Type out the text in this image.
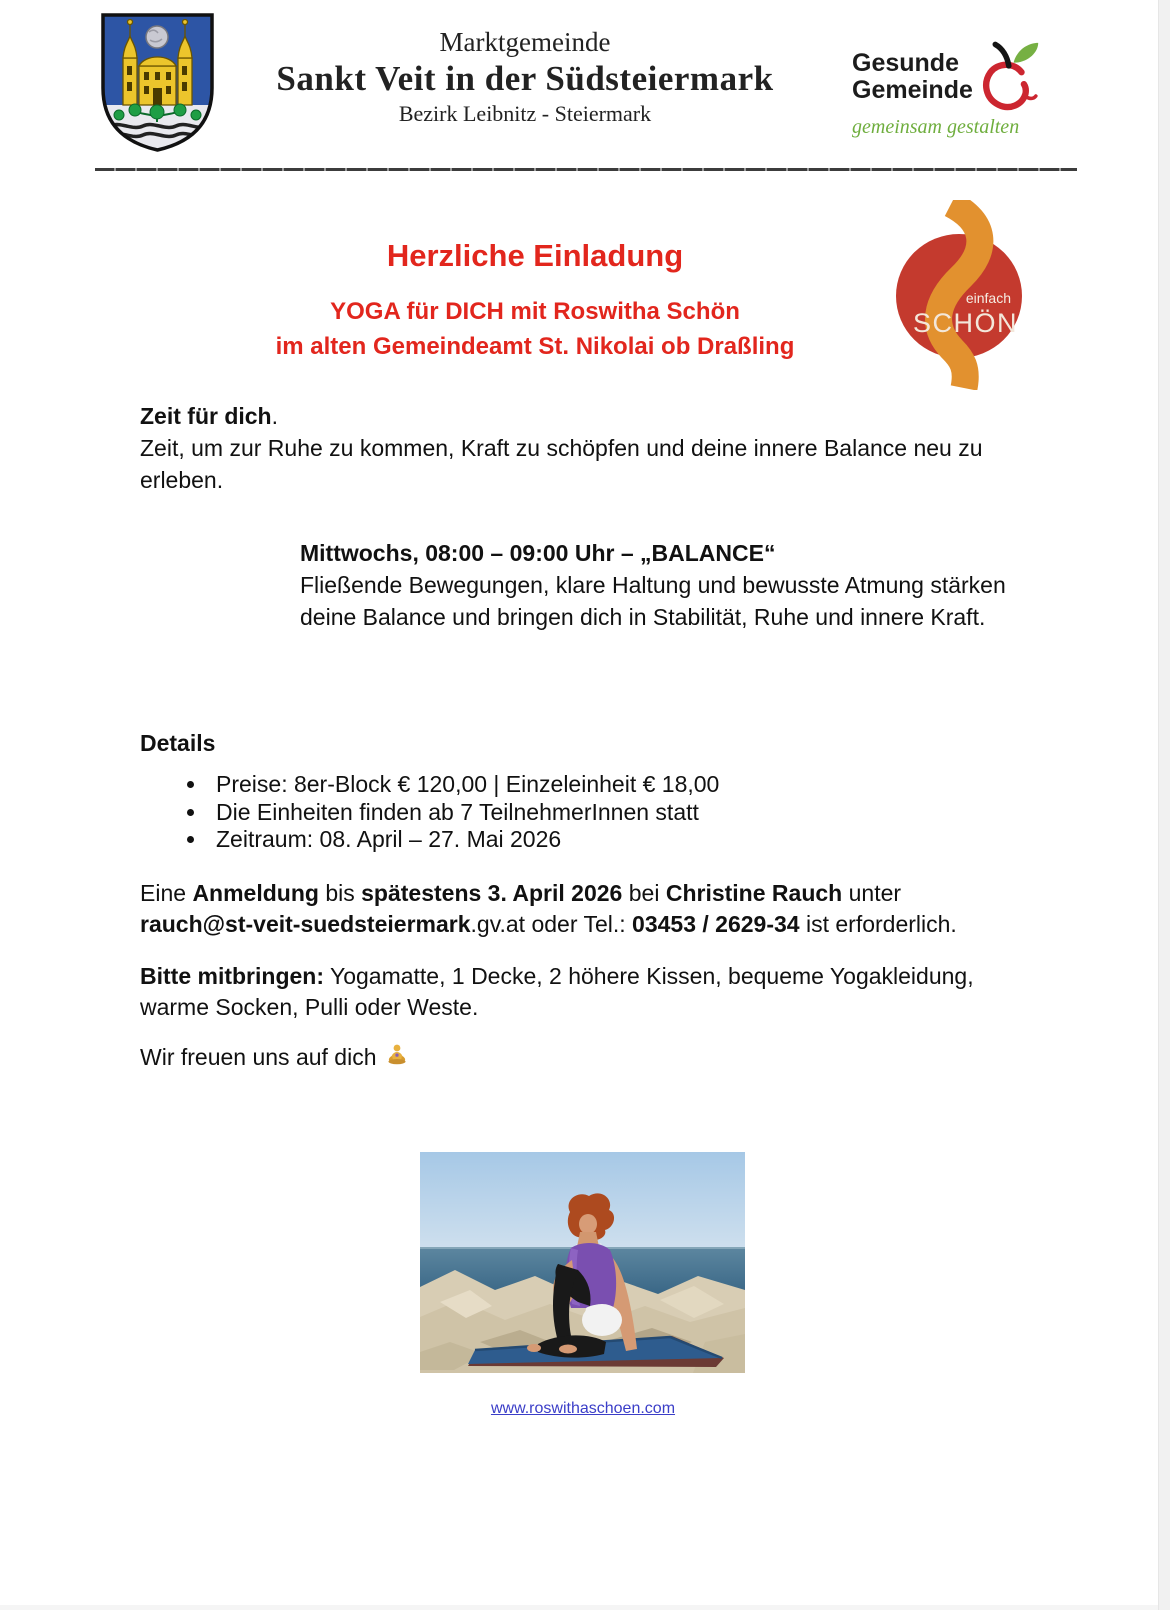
Marktgemeinde
Sankt Veit in der Südsteiermark
Bezirk Leibnitz - Steiermark
Gesunde
Gemeinde
gemeinsam gestalten
Herzliche Einladung
YOGA für DICH mit Roswitha Schön
im alten Gemeindeamt St. Nikolai ob Draßling
einfach
SCHÖN
Zeit für dich.
Zeit, um zur Ruhe zu kommen, Kraft zu schöpfen und deine innere Balance neu zu erleben.
Mittwochs, 08:00 – 09:00 Uhr – „BALANCE“
Fließende Bewegungen, klare Haltung und bewusste Atmung stärken deine Balance und bringen dich in Stabilität, Ruhe und innere Kraft.
Details
• Preise: 8er-Block € 120,00 | Einzeleinheit € 18,00
• Die Einheiten finden ab 7 TeilnehmerInnen statt
• Zeitraum: 08. April – 27. Mai 2026
Eine Anmeldung bis spätestens 3. April 2026 bei Christine Rauch unter rauch@st-veit-suedsteiermark.gv.at oder Tel.: 03453 / 2629-34 ist erforderlich.
Bitte mitbringen: Yogamatte, 1 Decke, 2 höhere Kissen, bequeme Yogakleidung, warme Socken, Pulli oder Weste.
Wir freuen uns auf dich
www.roswithaschoen.com
